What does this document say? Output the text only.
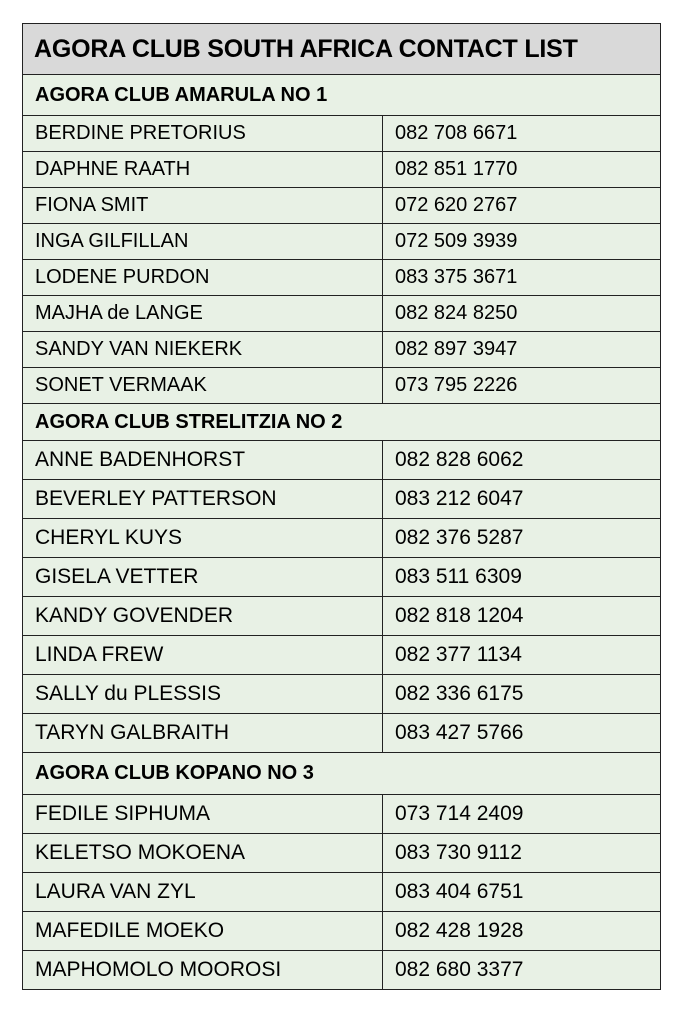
AGORA CLUB SOUTH AFRICA CONTACT LIST	
AGORA CLUB AMARULA NO 1	
BERDINE PRETORIUS	082 708 6671
DAPHNE RAATH	082 851 1770
FIONA SMIT	072 620 2767
INGA GILFILLAN	072 509 3939
LODENE PURDON	083 375 3671
MAJHA de LANGE	082 824 8250
SANDY VAN NIEKERK	082 897 3947
SONET VERMAAK	073 795 2226
AGORA CLUB STRELITZIA NO 2	
ANNE BADENHORST	082 828 6062
BEVERLEY PATTERSON	083 212 6047
CHERYL KUYS	082 376 5287
GISELA VETTER	083 511 6309
KANDY GOVENDER	082 818 1204
LINDA FREW	082 377 1134
SALLY du PLESSIS	082 336 6175
TARYN GALBRAITH	083 427 5766
AGORA CLUB KOPANO NO 3	
FEDILE SIPHUMA	073 714 2409
KELETSO MOKOENA	083 730 9112
LAURA VAN ZYL	083 404 6751
MAFEDILE MOEKO	082 428 1928
MAPHOMOLO MOOROSI	082 680 3377
